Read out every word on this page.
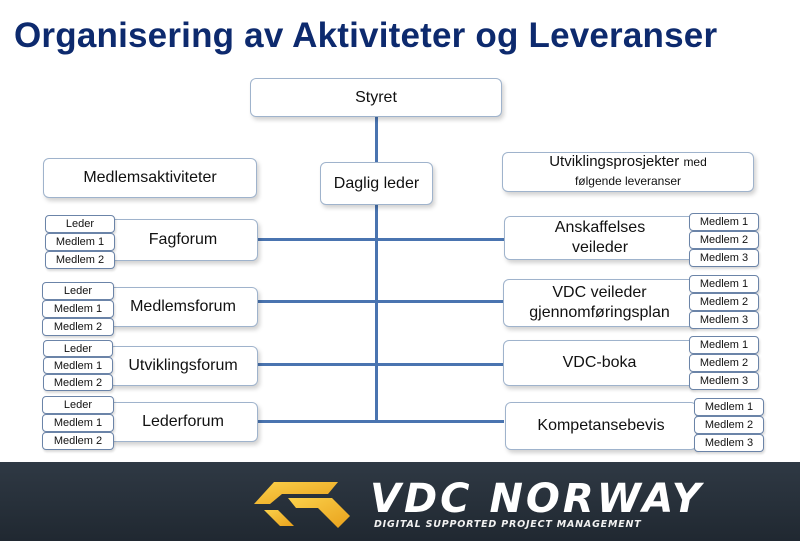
Organisering av Aktiviteter og Leveranser
Styret
Daglig leder
Medlemsaktiviteter
Utviklingsprosjekter med følgende leveranser
Fagforum
Leder
Medlem 1
Medlem 2
Medlemsforum
Leder
Medlem 1
Medlem 2
Utviklingsforum
Leder
Medlem 1
Medlem 2
Lederforum
Leder
Medlem 1
Medlem 2
Anskaffelses veileder
Medlem 1
Medlem 2
Medlem 3
VDC veileder gjennomføringsplan
Medlem 1
Medlem 2
Medlem 3
VDC-boka
Medlem 1
Medlem 2
Medlem 3
Kompetansebevis
Medlem 1
Medlem 2
Medlem 3
VDC NORWAY
DIGITAL SUPPORTED PROJECT MANAGEMENT
